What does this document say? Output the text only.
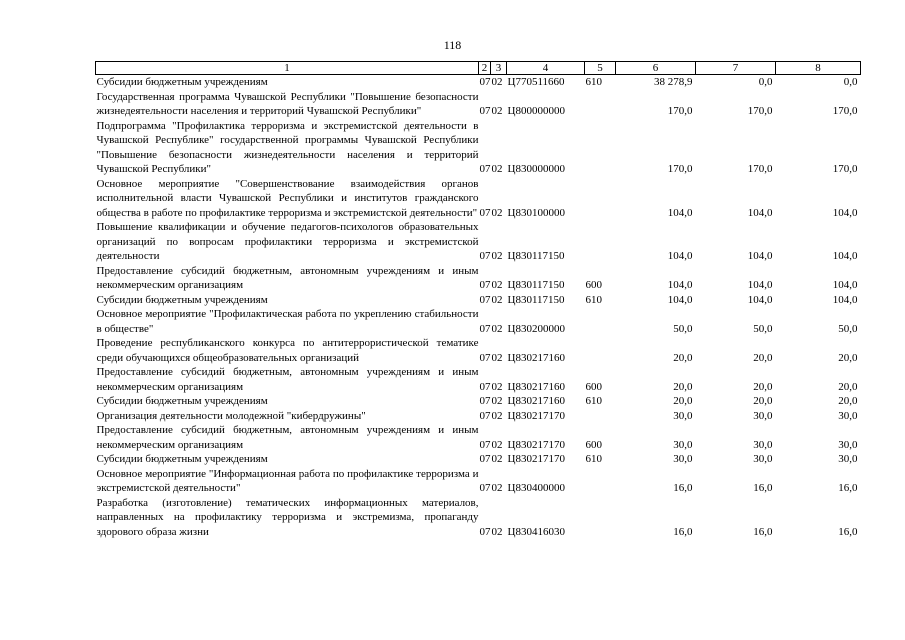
118
1	2	3	4	5	6	7	8
Субсидии бюджетным учреждениям	07	02	Ц770511660	610	38 278,9	0,0	0,0
Государственная программа Чувашской Республики "Повышение безопасности жизнедеятельности населения и территорий Чувашской Республики"	07	02	Ц800000000		170,0	170,0	170,0
Подпрограмма "Профилактика терроризма и экстремистской деятельности в Чувашской Республике" государственной программы Чувашской Республики "Повышение безопасности жизнедеятельности населения и территорий Чувашской Республики"	07	02	Ц830000000		170,0	170,0	170,0
Основное мероприятие "Совершенствование взаимодействия органов исполнительной власти Чувашской Республики и институтов гражданского общества в работе по профилактике терроризма и экстремистской деятельности"	07	02	Ц830100000		104,0	104,0	104,0
Повышение квалификации и обучение педагогов-психологов образовательных организаций по вопросам профилактики терроризма и экстремистской деятельности	07	02	Ц830117150		104,0	104,0	104,0
Предоставление субсидий бюджетным, автономным учреждениям и иным некоммерческим организациям	07	02	Ц830117150	600	104,0	104,0	104,0
Субсидии бюджетным учреждениям	07	02	Ц830117150	610	104,0	104,0	104,0
Основное мероприятие "Профилактическая работа по укреплению стабильности в обществе"	07	02	Ц830200000		50,0	50,0	50,0
Проведение республиканского конкурса по антитеррористической тематике среди обучающихся общеобразовательных организаций	07	02	Ц830217160		20,0	20,0	20,0
Предоставление субсидий бюджетным, автономным учреждениям и иным некоммерческим организациям	07	02	Ц830217160	600	20,0	20,0	20,0
Субсидии бюджетным учреждениям	07	02	Ц830217160	610	20,0	20,0	20,0
Организация деятельности молодежной "кибердружины"	07	02	Ц830217170		30,0	30,0	30,0
Предоставление субсидий бюджетным, автономным учреждениям и иным некоммерческим организациям	07	02	Ц830217170	600	30,0	30,0	30,0
Субсидии бюджетным учреждениям	07	02	Ц830217170	610	30,0	30,0	30,0
Основное мероприятие "Информационная работа по профилактике терроризма и экстремистской деятельности"	07	02	Ц830400000		16,0	16,0	16,0
Разработка (изготовление) тематических информационных материалов, направленных на профилактику терроризма и экстремизма, пропаганду здорового образа жизни	07	02	Ц830416030		16,0	16,0	16,0
